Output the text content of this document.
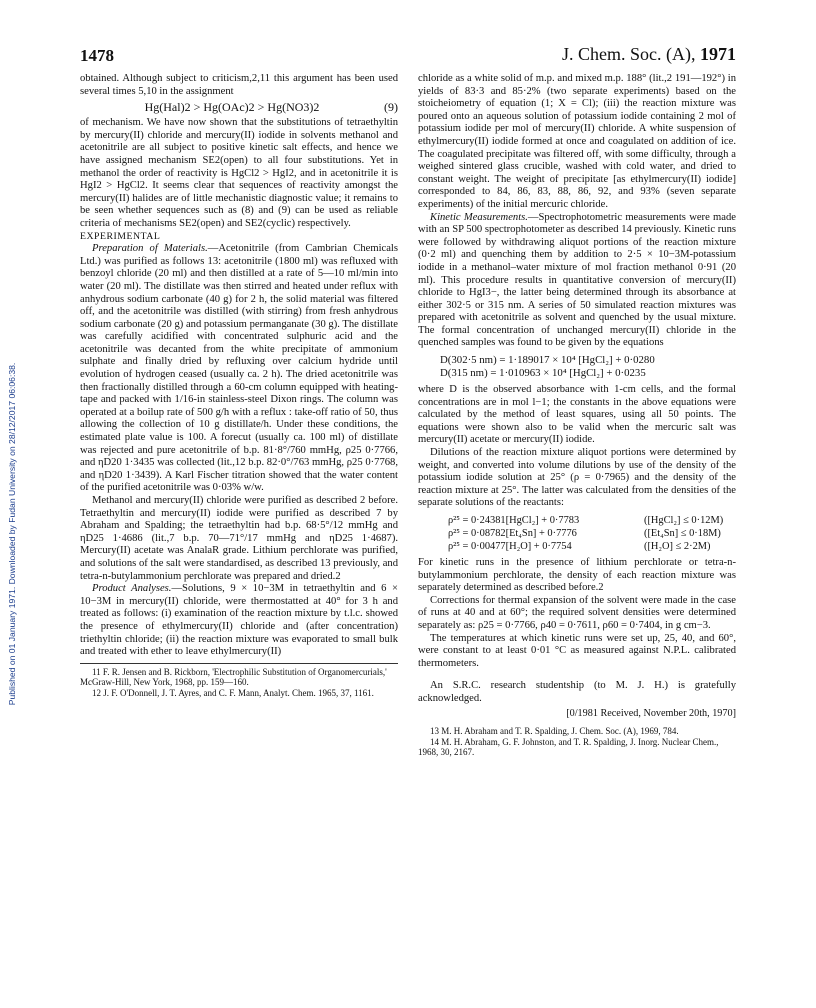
Published on 01 January 1971. Downloaded by Fudan University on 28/12/2017 06:06:38.
1478	J. Chem. Soc. (A), 1971

obtained. Although subject to criticism,2,11 this argument has been used several times 5,10 in the assignment

Hg(Hal)2 > Hg(OAc)2 > Hg(NO3)2	(9)

of mechanism. We have now shown that the substitutions of tetraethyltin by mercury(II) chloride and mercury(II) iodide in solvents methanol and acetonitrile are all subject to positive kinetic salt effects, and hence we have assigned mechanism SE2(open) to all four substitutions. Yet in methanol the order of reactivity is HgCl2 > HgI2, and in acetonitrile it is HgI2 > HgCl2. It seems clear that sequences of reactivity amongst the mercury(II) halides are of little mechanistic diagnostic value; it remains to be seen whether sequences such as (8) and (9) can be used as reliable criteria of mechanisms SE2(open) and SE2(cyclic) respectively.

EXPERIMENTAL

Preparation of Materials.—Acetonitrile (from Cambrian Chemicals Ltd.) was purified as follows 13: acetonitrile (1800 ml) was refluxed with benzoyl chloride (20 ml) and then distilled at a rate of 5—10 ml/min into water (20 ml). The distillate was then stirred and heated under reflux with anhydrous sodium carbonate (40 g) for 2 h, the solid material was filtered off, and the acetonitrile was distilled (with stirring) from fresh anhydrous sodium carbonate (20 g) and potassium permanganate (30 g). The distillate was carefully acidified with concentrated sulphuric acid and the acetonitrile was decanted from the white precipitate of ammonium sulphate and finally dried by refluxing over calcium hydride until evolution of hydrogen ceased (usually ca. 2 h). The dried acetonitrile was then fractionally distilled through a 60-cm column equipped with heating-tape and packed with 1/16-in stainless-steel Dixon rings. The column was operated at a boilup rate of 500 g/h with a reflux : take-off ratio of 50, thus allowing the collection of 10 g distillate/h. Under these conditions, the estimated plate value is 100. A forecut (usually ca. 100 ml) of distillate was rejected and pure acetonitrile of b.p. 81·8°/760 mmHg, ρ25 0·7766, and ηD20 1·3435 was collected (lit.,12 b.p. 82·0°/763 mmHg, ρ25 0·7768, and ηD20 1·3439). A Karl Fischer titration showed that the water content of the purified acetonitrile was 0·03% w/w.

Methanol and mercury(II) chloride were purified as described 2 before. Tetraethyltin and mercury(II) iodide were purified as described 7 by Abraham and Spalding; the tetraethyltin had b.p. 68·5°/12 mmHg and ηD25 1·4686 (lit.,7 b.p. 70—71°/17 mmHg and ηD25 1·4687). Mercury(II) acetate was AnalaR grade. Lithium perchlorate was purified, and solutions of the salt were standardised, as described 13 previously, and tetra-n-butylammonium perchlorate was prepared and dried.2

Product Analyses.—Solutions, 9 × 10−3M in tetraethyltin and 6 × 10−3M in mercury(II) chloride, were thermostatted at 40° for 3 h and treated as follows: (i) examination of the reaction mixture by t.l.c. showed the presence of ethylmercury(II) chloride and (after concentration) triethyltin chloride; (ii) the reaction mixture was evaporated to small bulk and treated with ether to leave ethylmercury(II)

11 F. R. Jensen and B. Rickborn, 'Electrophilic Substitution of Organomercurials,' McGraw-Hill, New York, 1968, pp. 159—160.

12 J. F. O'Donnell, J. T. Ayres, and C. F. Mann, Analyt. Chem. 1965, 37, 1161.

chloride as a white solid of m.p. and mixed m.p. 188° (lit.,2 191—192°) in yields of 83·3 and 85·2% (two separate experiments) based on the stoicheiometry of equation (1; X = Cl); (iii) the reaction mixture was poured onto an aqueous solution of potassium iodide containing 2 mol of potassium iodide per mol of mercury(II) chloride. A white suspension of ethylmercury(II) iodide formed at once and coagulated on addition of ice. The coagulated precipitate was filtered off, with some difficulty, through a weighed sintered glass crucible, washed with cold water, and dried to constant weight. The weight of precipitate [as ethylmercury(II) iodide] corresponded to 84, 86, 83, 88, 86, 92, and 93% (seven separate experiments) of the initial mercuric chloride.

Kinetic Measurements.—Spectrophotometric measurements were made with an SP 500 spectrophotometer as described 14 previously. Kinetic runs were followed by withdrawing aliquot portions of the reaction mixture (0·2 ml) and quenching them by addition to 2·5 × 10−3M-potassium iodide in a methanol–water mixture of mol fraction methanol 0·91 (20 ml). This procedure results in quantitative conversion of mercury(II) chloride to HgI3−, the latter being determined through its absorbance at either 302·5 or 315 nm. A series of 50 simulated reaction mixtures was prepared with acetonitrile as solvent and quenched by the usual mixture. The formal concentration of unchanged mercury(II) chloride in the quenched samples was found to be given by the equations

D(302·5 nm) = 1·189017 × 10⁴ [HgCl₂] + 0·0280
D(315 nm) = 1·010963 × 10⁴ [HgCl₂] + 0·0235

where D is the observed absorbance with 1-cm cells, and the formal concentrations are in mol l−1; the constants in the above equations were calculated by the method of least squares, using all 50 points. The equations were shown also to be valid when the mercuric salt was mercury(II) acetate or mercury(II) iodide.

Dilutions of the reaction mixture aliquot portions were determined by weight, and converted into volume dilutions by use of the density of the potassium iodide solution at 25° (ρ = 0·7965) and the density of the reaction mixture at 25°. The latter was calculated from the densities of the separate solutions of the reactants:

ρ²⁵ = 0·24381[HgCl₂] + 0·7783	([HgCl₂] ≤ 0·12M)
ρ²⁵ = 0·08782[Et₄Sn] + 0·7776	([Et₄Sn] ≤ 0·18M)
ρ²⁵ = 0·00477[H₂O] + 0·7754	([H₂O] ≤ 2·2M)

For kinetic runs in the presence of lithium perchlorate or tetra-n-butylammonium perchlorate, the density of each reaction mixture was separately determined as described before.2

Corrections for thermal expansion of the solvent were made in the case of runs at 40 and at 60°; the required solvent densities were determined separately as: ρ25 = 0·7766, ρ40 = 0·7611, ρ60 = 0·7404, in g cm−3.

The temperatures at which kinetic runs were set up, 25, 40, and 60°, were constant to at least 0·01 °C as measured against N.P.L. calibrated thermometers.

An S.R.C. research studentship (to M. J. H.) is gratefully acknowledged.

[0/1981 Received, November 20th, 1970]

13 M. H. Abraham and T. R. Spalding, J. Chem. Soc. (A), 1969, 784.

14 M. H. Abraham, G. F. Johnston, and T. R. Spalding, J. Inorg. Nuclear Chem., 1968, 30, 2167.
